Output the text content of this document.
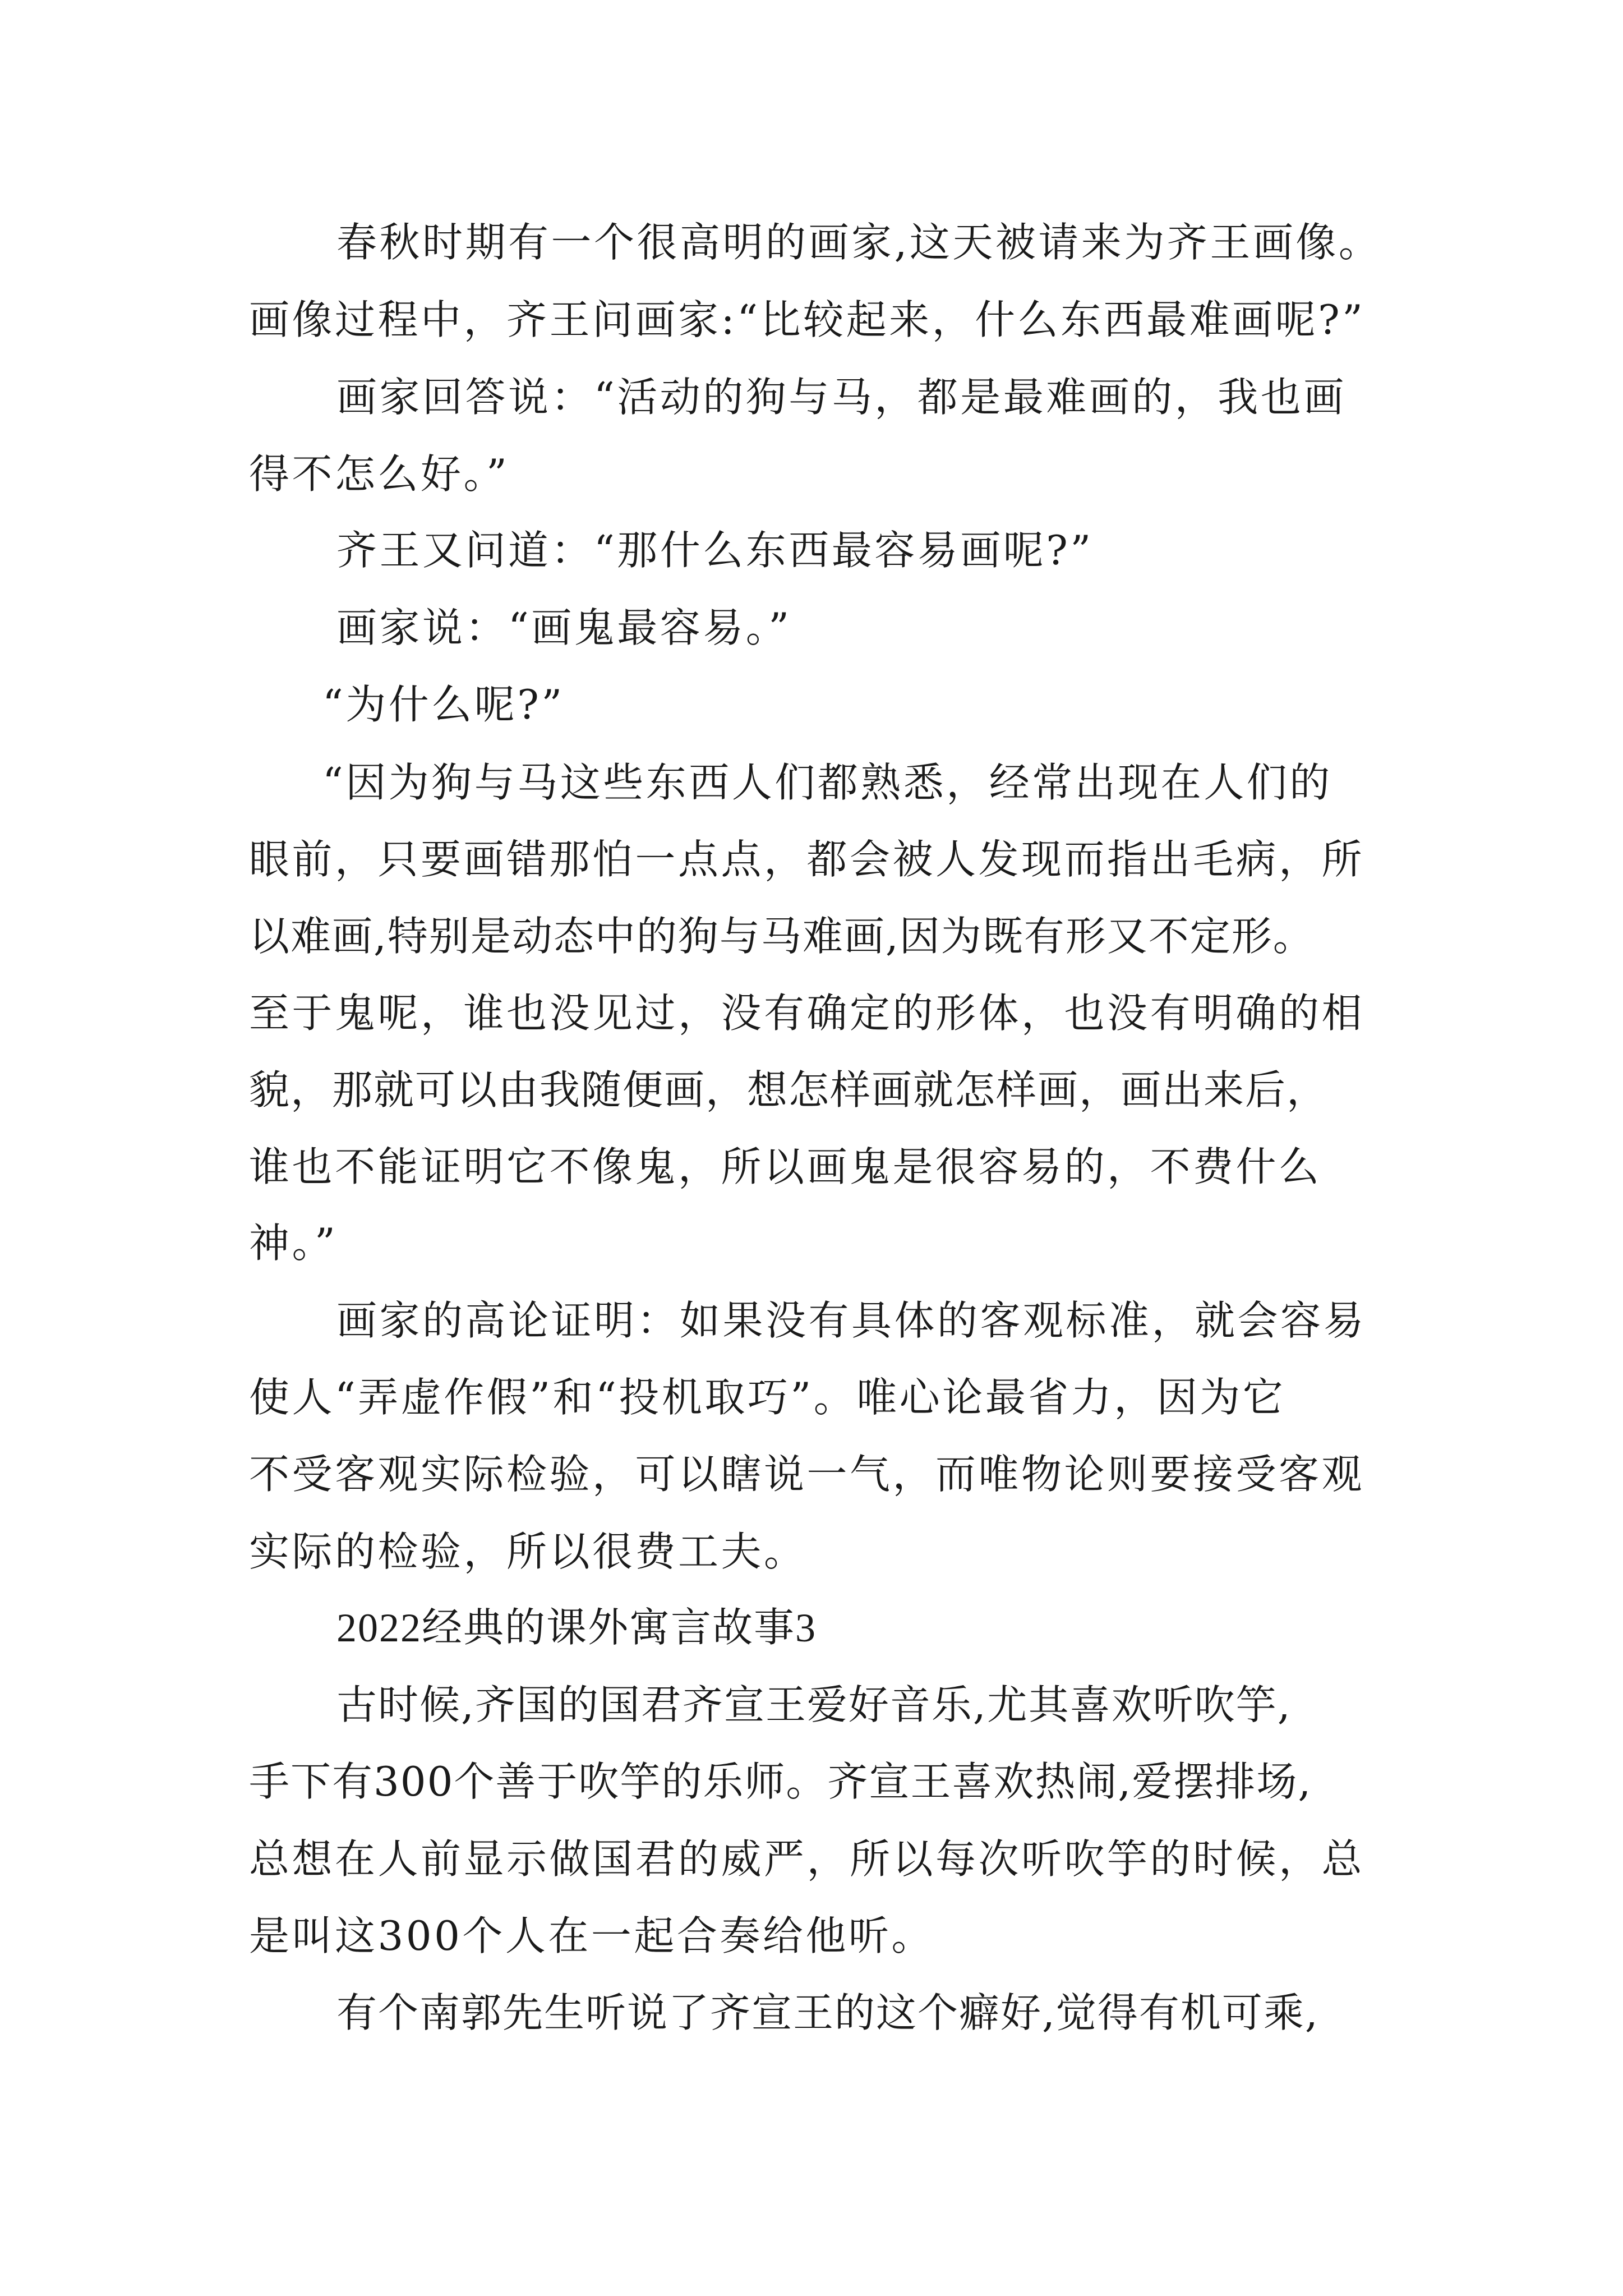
春秋时期有一个很高明的画家,这天被请来为齐王画像。

画像过程中，齐王问画家:“比较起来，什么东西最难画呢?”

画家回答说：“活动的狗与马，都是最难画的，我也画

得不怎么好。”

齐王又问道：“那什么东西最容易画呢?”

画家说：“画鬼最容易。”

“为什么呢?”

“因为狗与马这些东西人们都熟悉，经常出现在人们的

眼前，只要画错那怕一点点，都会被人发现而指出毛病，所

以难画,特别是动态中的狗与马难画,因为既有形又不定形。

至于鬼呢，谁也没见过，没有确定的形体，也没有明确的相

貌，那就可以由我随便画，想怎样画就怎样画，画出来后，

谁也不能证明它不像鬼，所以画鬼是很容易的，不费什么

神。”

画家的高论证明：如果没有具体的客观标准，就会容易

使人“弄虚作假”和“投机取巧”。唯心论最省力，因为它

不受客观实际检验，可以瞎说一气，而唯物论则要接受客观

实际的检验，所以很费工夫。

2022经典的课外寓言故事3

古时候,齐国的国君齐宣王爱好音乐,尤其喜欢听吹竽,

手下有300个善于吹竽的乐师。齐宣王喜欢热闹,爱摆排场,

总想在人前显示做国君的威严，所以每次听吹竽的时候，总

是叫这300个人在一起合奏给他听。

有个南郭先生听说了齐宣王的这个癖好,觉得有机可乘,
